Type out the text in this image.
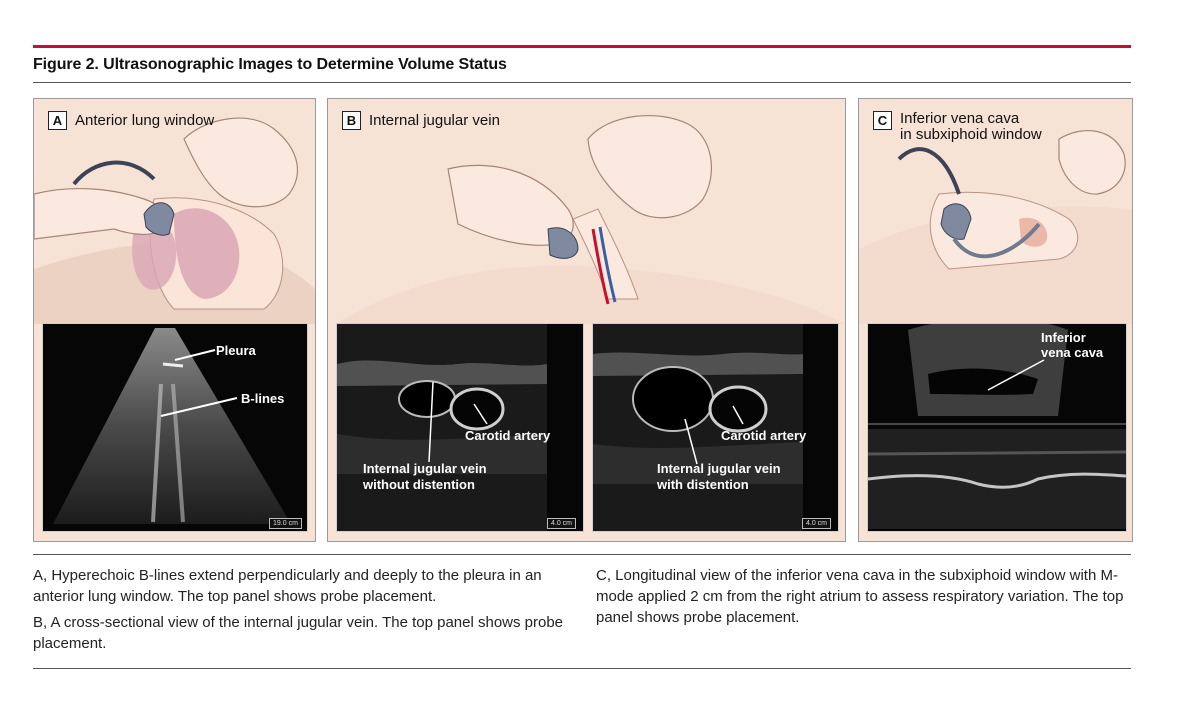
Figure 2. Ultrasonographic Images to Determine Volume Status
A Anterior lung window
Pleura
B-lines
19.0 cm
B Internal jugular vein
Carotid artery
Internal jugular vein
without distention
4.0 cm
Carotid artery
Internal jugular vein
with distention
4.0 cm
C Inferior vena cava
in subxiphoid window
Inferior
vena cava
A, Hyperechoic B-lines extend perpendicularly and deeply to the pleura in an anterior lung window. The top panel shows probe placement.
B, A cross-sectional view of the internal jugular vein. The top panel shows probe placement.
C, Longitudinal view of the inferior vena cava in the subxiphoid window with M-mode applied 2 cm from the right atrium to assess respiratory variation. The top panel shows probe placement.
